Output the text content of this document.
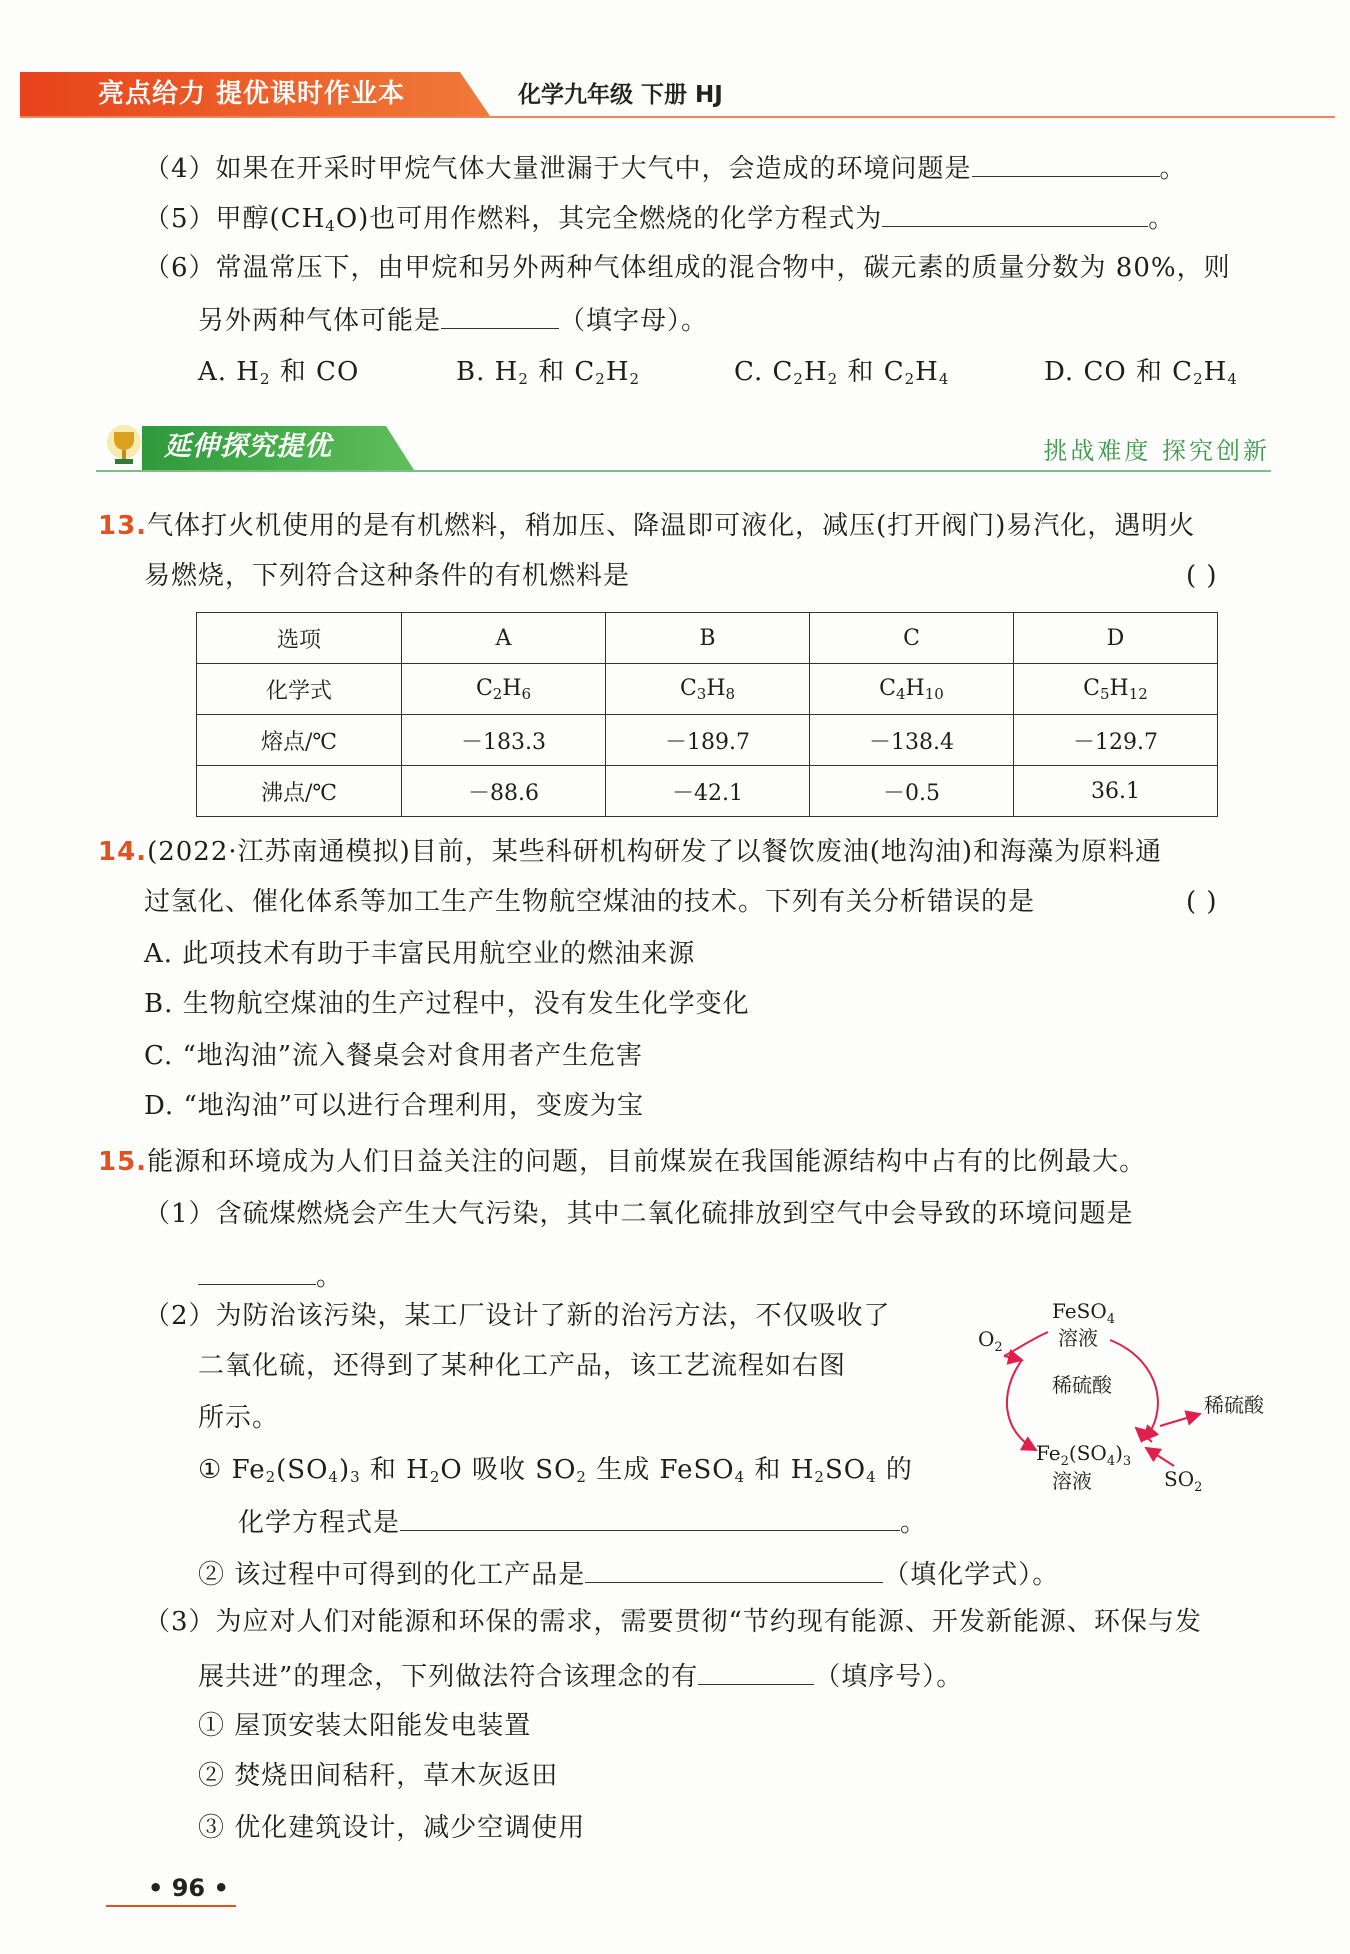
亮点给力 提优课时作业本	化学九年级 下册 HJ
（4）如果在开采时甲烷气体大量泄漏于大气中，会造成的环境问题是	。
（5）甲醇$(CH_4O)$也可用作燃料，其完全燃烧的化学方程式为	。
（6）常温常压下，由甲烷和另外两种气体组成的混合物中，碳元素的质量分数为 80%，则
另外两种气体可能是	（填字母）。
A. $H_2$ 和 CO	B. $H_2$ 和 $C_2H_2$	C. $C_2H_2$ 和 $C_2H_4$	D. CO 和 $C_2H_4$
延伸探究提优	挑战难度 探究创新
13.气体打火机使用的是有机燃料，稍加压、降温即可液化，减压(打开阀门)易汽化，遇明火
易燃烧，下列符合这种条件的有机燃料是	( )
选项	A	B	C	D
化学式	$C_2H_6$	$C_3H_8$	$C_4H_{10}$	$C_5H_{12}$
熔点/℃	－183.3	－189.7	－138.4	－129.7
沸点/℃	－88.6	－42.1	－0.5	36.1
14.(2022·江苏南通模拟)目前，某些科研机构研发了以餐饮废油(地沟油)和海藻为原料通
过氢化、催化体系等加工生产生物航空煤油的技术。下列有关分析错误的是	( )
A. 此项技术有助于丰富民用航空业的燃油来源
B. 生物航空煤油的生产过程中，没有发生化学变化
C. “地沟油”流入餐桌会对食用者产生危害
D. “地沟油”可以进行合理利用，变废为宝
15.能源和环境成为人们日益关注的问题，目前煤炭在我国能源结构中占有的比例最大。
（1）含硫煤燃烧会产生大气污染，其中二氧化硫排放到空气中会导致的环境问题是
。
（2）为防治该污染，某工厂设计了新的治污方法，不仅吸收了
二氧化硫，还得到了某种化工产品，该工艺流程如右图
所示。
① $Fe_2(SO_4)_3$ 和 $H_2O$ 吸收 $SO_2$ 生成 FeSO$_4$ 和 $H_2SO_4$ 的
化学方程式是	。
② 该过程中可得到的化工产品是	（填化学式）。
（3）为应对人们对能源和环保的需求，需要贯彻“节约现有能源、开发新能源、环保与发
展共进”的理念，下列做法符合该理念的有	（填序号）。
① 屋顶安装太阳能发电装置
② 焚烧田间秸秆，草木灰返田
③ 优化建筑设计，减少空调使用
FeSO$_4$
溶液
$O_2$
稀硫酸
稀硫酸
$Fe_2(SO_4)_3$
溶液	$SO_2$
• 96 •
